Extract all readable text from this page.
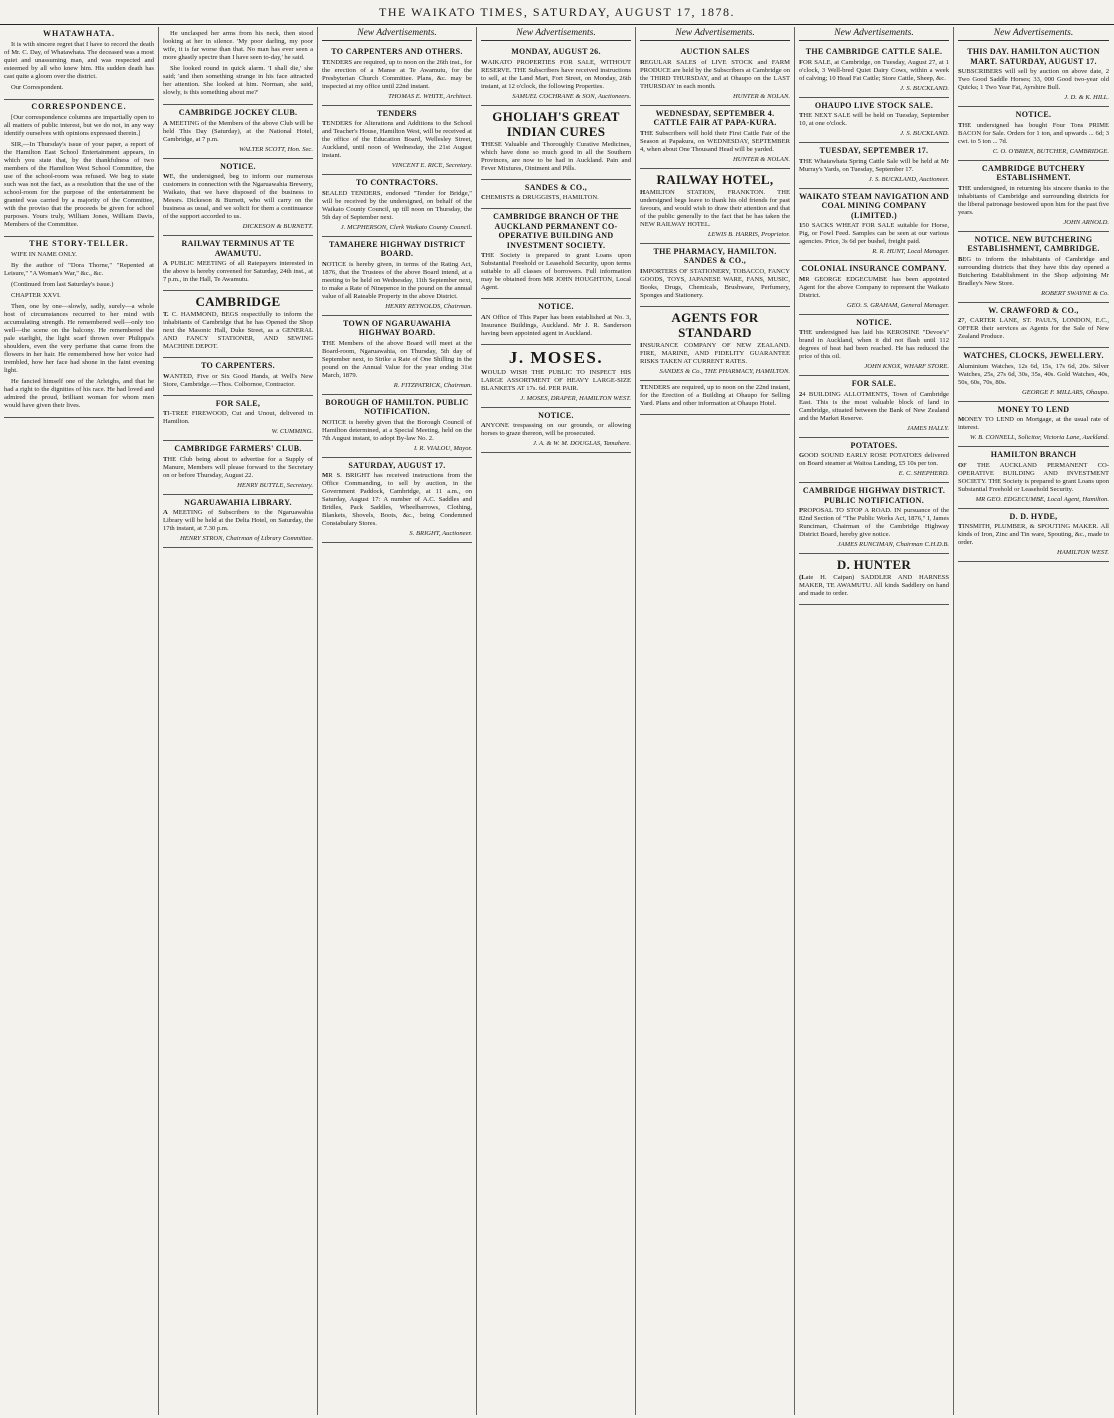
THE WAIKATO TIMES, SATURDAY, AUGUST 17, 1878.
WHATAWHATA.

It is with sincere regret that I have to record the death of Mr. C. Day, of Whatawhata. The deceased was a most quiet and unassuming man, and was respected and esteemed by all who knew him. His sudden death has cast quite a gloom over the district.

Our Correspondent.

CORRESPONDENCE.

[Our correspondence columns are impartially open to all matters of public interest, but we do not, in any way identify ourselves with opinions expressed therein.]

SIR,—In Thursday's issue of your paper, a report of the Hamilton East School Entertainment appears, in which you state that, by the thankfulness of two members of the Hamilton West School Committee, the use of the school-room was refused. We beg to state such was not the fact, as a resolution that the use of the school-room for the purpose of the entertainment be granted was carried by a majority of the Committee, with the proviso that the proceeds be given for school purposes. Yours truly, William Jones, William Davis, Members of the Committee.

THE STORY-TELLER.

WIFE IN NAME ONLY.

By the author of "Dora Thorne," "Repented at Leisure," "A Woman's War," &c., &c.

(Continued from last Saturday's issue.)

CHAPTER XXVI.

Then, one by one—slowly, sadly, surely—a whole host of circumstances recurred to her mind with accumulating strength. He remembered well—only too well—the scene on the balcony. He remembered the pale starlight, the light scarf thrown over Philippa's shoulders, even the very perfume that came from the flowers in her hair. He remembered how her voice had trembled, how her face had shone in the faint evening light.

He fancied himself one of the Arleighs, and that he had a right to the dignities of his race. He had loved and admired the proud, brilliant woman for whom men would have given their lives.

He unclasped her arms from his neck, then stood looking at her in silence. 'My poor darling, my poor wife, it is far worse than that. No man has ever seen a more ghastly spectre than I have seen to-day,' he said.

She looked round in quick alarm. 'I shall die,' she said; 'and then something strange in his face attracted her attention. She looked at him. Norman, she said, slowly, is this something about me?'

CAMBRIDGE JOCKEY CLUB.

A MEETING of the Members of the above Club will be held This Day (Saturday), at the National Hotel, Cambridge, at 7 p.m.

WALTER SCOTT, Hon. Sec.
NOTICE.

WE, the undersigned, beg to inform our numerous customers in connection with the Ngaruawahia Brewery, Waikato, that we have disposed of the business to Messrs. Dickeson & Burnett, who will carry on the business as usual, and we solicit for them a continuance of the support accorded to us.

DICKESON & BURNETT.
RAILWAY TERMINUS AT TE AWAMUTU.

A PUBLIC MEETING of all Ratepayers interested in the above is hereby convened for Saturday, 24th inst., at 7 p.m., in the Hall, Te Awamutu.

CAMBRIDGE

T. C. HAMMOND, BEGS respectfully to inform the inhabitants of Cambridge that he has Opened the Shop next the Masonic Hall, Duke Street, as a GENERAL AND FANCY STATIONER, AND SEWING MACHINE DEPOT.

TO CARPENTERS.

WANTED, Five or Six Good Hands, at Well's New Store, Cambridge.—Thos. Colbornoe, Contractor.

FOR SALE,

TI-TREE FIREWOOD, Cut and Unout, delivered in Hamilton.

W. CUMMING.
CAMBRIDGE FARMERS' CLUB.

THE Club being about to advertise for a Supply of Manure, Members will please forward to the Secretary on or before Thursday, August 22.

HENRY BUTTLE, Secretary.
NGARUAWAHIA LIBRARY.

A MEETING of Subscribers to the Ngaruawahia Library will be held at the Delta Hotel, on Saturday, the 17th instant, at 7.30 p.m.

HENRY STRON, Chairman of Library Committee.
New Advertisements.
TO CARPENTERS AND OTHERS.

TENDERS are required, up to noon on the 26th inst., for the erection of a Manse at Te Awamutu, for the Presbyterian Church Committee. Plans, &c. may be inspected at my office until 22nd instant.

THOMAS E. WHITE, Architect.
TENDERS

TENDERS for Alterations and Additions to the School and Teacher's House, Hamilton West, will be received at the office of the Education Board, Wellesley Street, Auckland, until noon of Wednesday, the 21st August instant.

VINCENT E. RICE, Secretary.
TO CONTRACTORS.

SEALED TENDERS, endorsed "Tender for Bridge," will be received by the undersigned, on behalf of the Waikato County Council, up till noon on Thursday, the 5th day of September next.

J. MCPHERSON, Clerk Waikato County Council.
TAMAHERE HIGHWAY DISTRICT BOARD.

NOTICE is hereby given, in terms of the Rating Act, 1876, that the Trustees of the above Board intend, at a meeting to be held on Wednesday, 11th September next, to make a Rate of Ninepence in the pound on the annual value of all Rateable Property in the above District.

HENRY REYNOLDS, Chairman.
TOWN OF NGARUAWAHIA HIGHWAY BOARD.

THE Members of the above Board will meet at the Board-room, Ngaruawahia, on Thursday, 5th day of September next, to Strike a Rate of One Shilling in the pound on the Annual Value for the year ending 31st March, 1879.

R. FITZPATRICK, Chairman.
BOROUGH OF HAMILTON. PUBLIC NOTIFICATION.

NOTICE is hereby given that the Borough Council of Hamilton determined, at a Special Meeting, held on the 7th August instant, to adopt By-law No. 2.

I. R. VIALOU, Mayor.
SATURDAY, AUGUST 17.

MR S. BRIGHT has received instructions from the Office Commanding, to sell by auction, in the Government Paddock, Cambridge, at 11 a.m., on Saturday, August 17: A number of A.C. Saddles and Bridles, Pack Saddles, Wheelbarrows, Clothing, Blankets, Shovels, Boots, &c., being Condemned Constabulary Stores.

S. BRIGHT, Auctioneer.
New Advertisements.
MONDAY, AUGUST 26.

WAIKATO PROPERTIES FOR SALE, WITHOUT RESERVE. THE Subscribers have received instructions to sell, at the Land Mart, Fort Street, on Monday, 26th instant, at 12 o'clock, the following Properties.

SAMUEL COCHRANE & SON, Auctioneers.
GHOLIAH'S GREAT INDIAN CURES

THESE Valuable and Thoroughly Curative Medicines, which have done so much good in all the Southern Provinces, are now to be had in Auckland. Pain and Fever Mixtures, Ointment and Pills.

SANDES & CO.,

CHEMISTS & DRUGGISTS, HAMILTON.

CAMBRIDGE BRANCH OF THE AUCKLAND PERMANENT CO-OPERATIVE BUILDING AND INVESTMENT SOCIETY.

THE Society is prepared to grant Loans upon Substantial Freehold or Leasehold Security, upon terms suitable to all classes of borrowers. Full information may be obtained from MR JOHN HOUGHTON, Local Agent.

NOTICE.

AN Office of This Paper has been established at No. 3, Insurance Buildings, Auckland. Mr J. R. Sanderson having been appointed agent in Auckland.

J. MOSES.

WOULD WISH THE PUBLIC TO INSPECT HIS LARGE ASSORTMENT OF HEAVY LARGE-SIZE BLANKETS AT 17s. 6d. PER PAIR.

J. MOSES, DRAPER, HAMILTON WEST.
NOTICE.

ANYONE trespassing on our grounds, or allowing horses to graze thereon, will be prosecuted.

J. A. & W. M. DOUGLAS, Tamahere.
New Advertisements.
AUCTION SALES

REGULAR SALES of LIVE STOCK and FARM PRODUCE are held by the Subscribers at Cambridge on the THIRD THURSDAY, and at Ohaupo on the LAST THURSDAY in each month.

HUNTER & NOLAN.
WEDNESDAY, SEPTEMBER 4. CATTLE FAIR AT PAPA-KURA.

THE Subscribers will hold their First Cattle Fair of the Season at Papakura, on WEDNESDAY, SEPTEMBER 4, when about One Thousand Head will be yarded.

HUNTER & NOLAN.
RAILWAY HOTEL,

HAMILTON STATION, FRANKTON. THE undersigned begs leave to thank his old friends for past favours, and would wish to draw their attention and that of the public generally to the fact that he has taken the NEW RAILWAY HOTEL.

LEWIS B. HARRIS, Proprietor.
THE PHARMACY, HAMILTON. SANDES & CO.,

IMPORTERS OF STATIONERY, TOBACCO, FANCY GOODS, TOYS, JAPANESE WARE, FANS, MUSIC, Books, Drugs, Chemicals, Brushware, Perfumery, Sponges and Stationery.

AGENTS FOR STANDARD

INSURANCE COMPANY OF NEW ZEALAND. FIRE, MARINE, AND FIDELITY GUARANTEE RISKS TAKEN AT CURRENT RATES.

SANDES & Co., THE PHARMACY, HAMILTON.

TENDERS are required, up to noon on the 22nd instant, for the Erection of a Building at Ohaupo for Selling Yard. Plans and other information at Ohaupo Hotel.

New Advertisements.
THE CAMBRIDGE CATTLE SALE.

FOR SALE, at Cambridge, on Tuesday, August 27, at 1 o'clock, 3 Well-bred Quiet Dairy Cows, within a week of calving; 10 Head Fat Cattle; Store Cattle, Sheep, &c.

J. S. BUCKLAND.
OHAUPO LIVE STOCK SALE.

THE NEXT SALE will be held on Tuesday, September 10, at one o'clock.

J. S. BUCKLAND.
TUESDAY, SEPTEMBER 17.

THE Whatawhata Spring Cattle Sale will be held at Mr Murray's Yards, on Tuesday, September 17.

J. S. BUCKLAND, Auctioneer.
WAIKATO STEAM NAVIGATION AND COAL MINING COMPANY (LIMITED.)

150 SACKS WHEAT FOR SALE suitable for Horse, Pig, or Fowl Feed. Samples can be seen at our various agencies. Price, 3s 6d per bushel, freight paid.

R. R. HUNT, Local Manager.
COLONIAL INSURANCE COMPANY.

MR GEORGE EDGECUMBE has been appointed Agent for the above Company to represent the Waikato District.

GEO. S. GRAHAM, General Manager.
NOTICE.

THE undersigned has laid his KEROSINE "Devoe's" brand in Auckland, when it did not flash until 112 degrees of heat had been reached. He has reduced the price of this oil.

JOHN KNOX, WHARF STORE.
FOR SALE.

24 BUILDING ALLOTMENTS, Town of Cambridge East. This is the most valuable block of land in Cambridge, situated between the Bank of New Zealand and the Market Reserve.

JAMES HALLY.
POTATOES.

GOOD SOUND EARLY ROSE POTATOES delivered on Board steamer at Waitoa Landing, £5 10s per ton.

E. C. SHEPHERD.
CAMBRIDGE HIGHWAY DISTRICT. PUBLIC NOTIFICATION.

PROPOSAL TO STOP A ROAD. IN pursuance of the 82nd Section of "The Public Works Act, 1876," I, James Runciman, Chairman of the Cambridge Highway District Board, hereby give notice.

JAMES RUNCIMAN, Chairman C.H.D.B.
D. HUNTER

(Late H. Caipan) SADDLER AND HARNESS MAKER, TE AWAMUTU. All kinds Saddlery on hand and made to order.

New Advertisements.
THIS DAY. HAMILTON AUCTION MART. SATURDAY, AUGUST 17.

SUBSCRIBERS will sell by auction on above date, 2 Two Good Saddle Horses; 33, 000 Good two-year old Quicks; 1 Two Year Fat, Ayrshire Bull.

J. D. & K. HILL.
NOTICE.

THE undersigned has bought Four Tons PRIME BACON for Sale. Orders for 1 ton, and upwards ... 6d; 3 cwt. to 5 ton ... 7d.

C. O. O'BRIEN, BUTCHER, CAMBRIDGE.
CAMBRIDGE BUTCHERY ESTABLISHMENT.

THE undersigned, in returning his sincere thanks to the inhabitants of Cambridge and surrounding districts for the liberal patronage bestowed upon him for the past five years.

JOHN ARNOLD.
NOTICE. NEW BUTCHERING ESTABLISHMENT, CAMBRIDGE.

BEG to inform the inhabitants of Cambridge and surrounding districts that they have this day opened a Butchering Establishment in the Shop adjoining Mr Bradley's New Store.

ROBERT SWAYNE & Co.
W. CRAWFORD & CO.,

27, CARTER LANE, ST. PAUL'S, LONDON, E.C., OFFER their services as Agents for the Sale of New Zealand Produce.

WATCHES, CLOCKS, JEWELLERY.

Aluminium Watches, 12s 6d, 15s, 17s 6d, 20s. Silver Watches, 25s, 27s 6d, 30s, 35s, 40s. Gold Watches, 40s, 50s, 60s, 70s, 80s.

GEORGE F. MILLARS, Ohaupo.
MONEY TO LEND

MONEY TO LEND on Mortgage, at the usual rate of interest.

W. B. CONNELL, Solicitor, Victoria Lane, Auckland.
HAMILTON BRANCH

OF THE AUCKLAND PERMANENT CO-OPERATIVE BUILDING AND INVESTMENT SOCIETY. THE Society is prepared to grant Loans upon Substantial Freehold or Leasehold Security.

MR GEO. EDGECUMBE, Local Agent, Hamilton.
D. D. HYDE,

TINSMITH, PLUMBER, & SPOUTING MAKER. All kinds of Iron, Zinc and Tin ware, Spouting, &c., made to order.

HAMILTON WEST.
